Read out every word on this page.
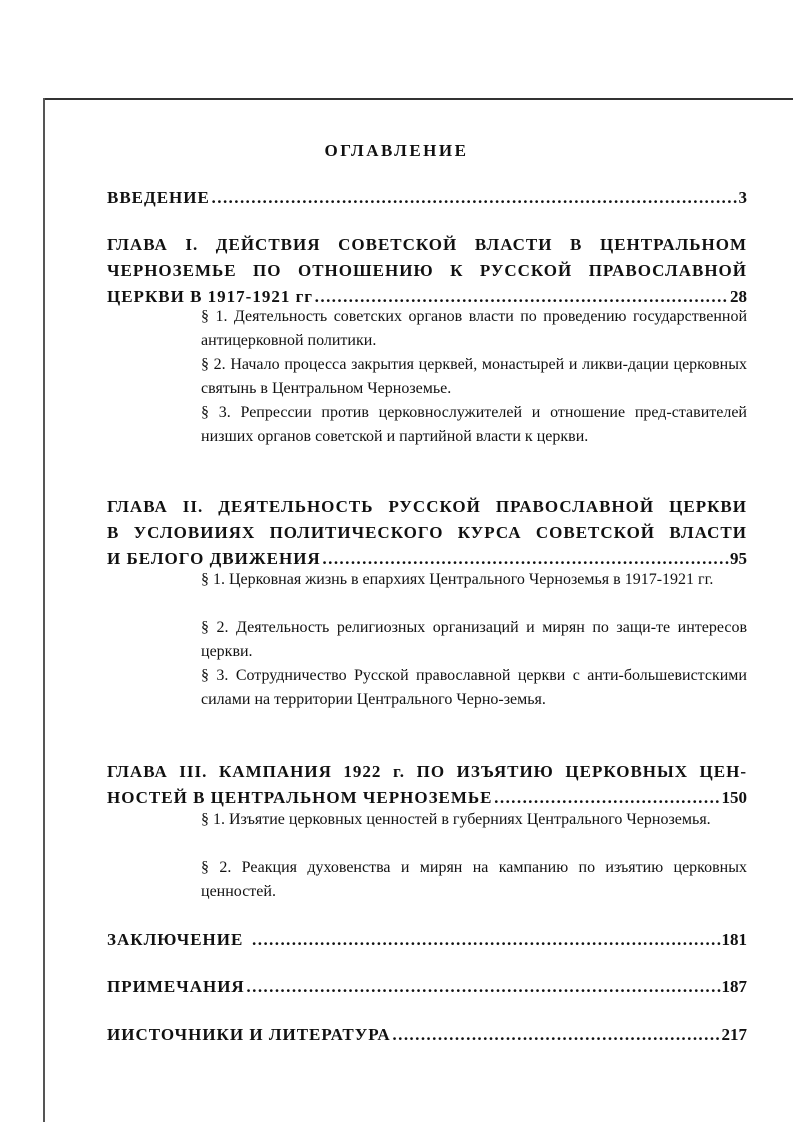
ОГЛАВЛЕНИЕ
ВВЕДЕНИЕ ……………………………………………………………………………………………………………………………………………………………………	3
ГЛАВА I. ДЕЙСТВИЯ СОВЕТСКОЙ ВЛАСТИ В ЦЕНТРАЛЬНОМ
ЧЕРНОЗЕМЬЕ ПО ОТНОШЕНИЮ К РУССКОЙ ПРАВОСЛАВНОЙ
ЦЕРКВИ В 1917-1921 гг ……………………………………………………………………………………………………………………………………………………………………	28
§ 1. Деятельность советских органов власти по проведению государственной антицерковной политики.
§ 2. Начало процесса закрытия церквей, монастырей и ликви-дации церковных святынь в Центральном Черноземье.
§ 3. Репрессии против церковнослужителей и отношение пред-ставителей низших органов советской и партийной власти к церкви.
ГЛАВА II. ДЕЯТЕЛЬНОСТЬ РУССКОЙ ПРАВОСЛАВНОЙ ЦЕРКВИ
В УСЛОВИИЯХ ПОЛИТИЧЕСКОГО КУРСА СОВЕТСКОЙ ВЛАСТИ
И БЕЛОГО ДВИЖЕНИЯ ……………………………………………………………………………………………………………………………………………………………………	95
§ 1. Церковная жизнь в епархиях Центрального Черноземья в 1917-1921 гг.
§ 2. Деятельность религиозных организаций и мирян по защи-те интересов церкви.
§ 3. Сотрудничество Русской православной церкви с анти-большевистскими силами на территории Центрального Черно-земья.
ГЛАВА III. КАМПАНИЯ 1922 г. ПО ИЗЪЯТИЮ ЦЕРКОВНЫХ ЦЕН-
НОСТЕЙ В ЦЕНТРАЛЬНОМ ЧЕРНОЗЕМЬЕ ……………………………………………………………………………………………………………………………………………………………………	150
§ 1. Изъятие церковных ценностей в губерниях Центрального Черноземья.
§ 2. Реакция духовенства и мирян на кампанию по изъятию церковных ценностей.
ЗАКЛЮЧЕНИЕ ……………………………………………………………………………………………………………………………………………………………………	181
ПРИМЕЧАНИЯ ……………………………………………………………………………………………………………………………………………………………………	187
ИИСТОЧНИКИ И ЛИТЕРАТУРА ……………………………………………………………………………………………………………………………………………………………………	217
